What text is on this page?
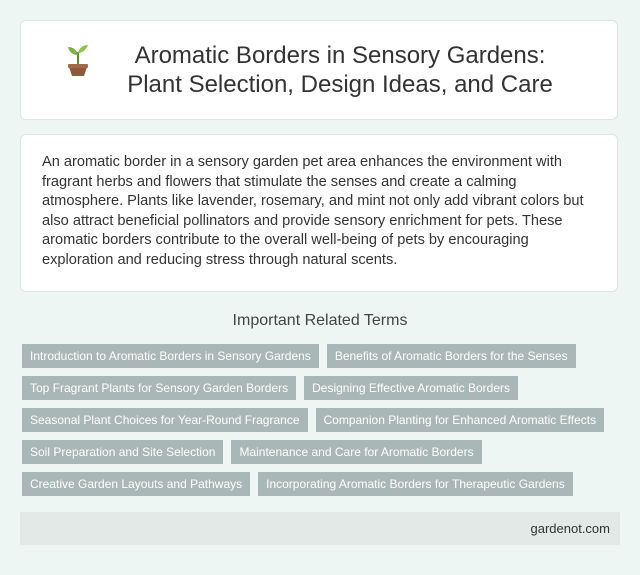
Aromatic Borders in Sensory Gardens: Plant Selection, Design Ideas, and Care

An aromatic border in a sensory garden pet area enhances the environment with fragrant herbs and flowers that stimulate the senses and create a calming atmosphere. Plants like lavender, rosemary, and mint not only add vibrant colors but also attract beneficial pollinators and provide sensory enrichment for pets. These aromatic borders contribute to the overall well-being of pets by encouraging exploration and reducing stress through natural scents.

Important Related Terms
Introduction to Aromatic Borders in Sensory Gardens	Benefits of Aromatic Borders for the Senses
Top Fragrant Plants for Sensory Garden Borders	Designing Effective Aromatic Borders
Seasonal Plant Choices for Year-Round Fragrance	Companion Planting for Enhanced Aromatic Effects
Soil Preparation and Site Selection	Maintenance and Care for Aromatic Borders
Creative Garden Layouts and Pathways	Incorporating Aromatic Borders for Therapeutic Gardens
gardenot.com
